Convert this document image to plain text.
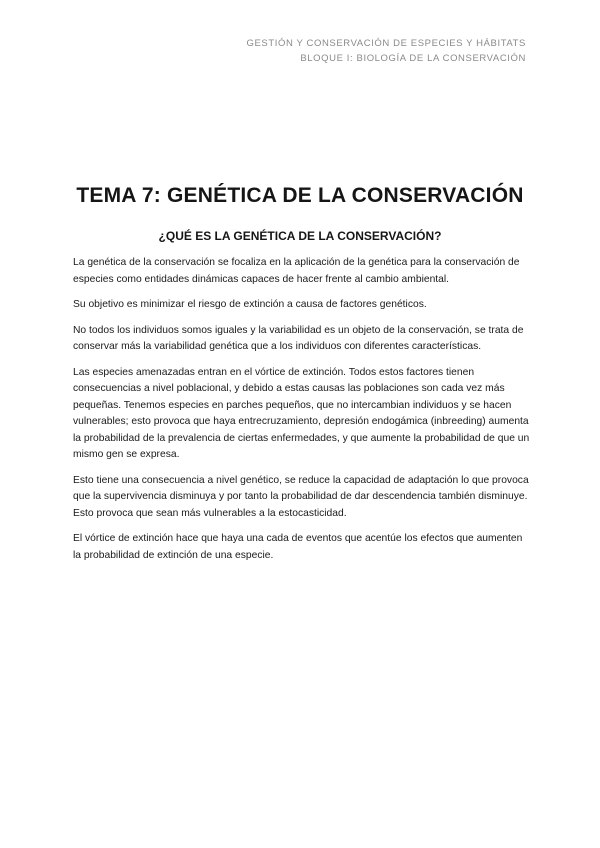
GESTIÓN Y CONSERVACIÓN DE ESPECIES Y HÁBITATS
BLOQUE I: BIOLOGÍA DE LA CONSERVACIÓN
TEMA 7: GENÉTICA DE LA CONSERVACIÓN
¿QUÉ ES LA GENÉTICA DE LA CONSERVACIÓN?

La genética de la conservación se focaliza en la aplicación de la genética para la conservación de especies como entidades dinámicas capaces de hacer frente al cambio ambiental.

Su objetivo es minimizar el riesgo de extinción a causa de factores genéticos.

No todos los individuos somos iguales y la variabilidad es un objeto de la conservación, se trata de conservar más la variabilidad genética que a los individuos con diferentes características.

Las especies amenazadas entran en el vórtice de extinción. Todos estos factores tienen consecuencias a nivel poblacional, y debido a estas causas las poblaciones son cada vez más pequeñas. Tenemos especies en parches pequeños, que no intercambian individuos y se hacen vulnerables; esto provoca que haya entrecruzamiento, depresión endogámica (inbreeding) aumenta la probabilidad de la prevalencia de ciertas enfermedades, y que aumente la probabilidad de que un mismo gen se expresa.

Esto tiene una consecuencia a nivel genético, se reduce la capacidad de adaptación lo que provoca que la supervivencia disminuya y por tanto la probabilidad de dar descendencia también disminuye. Esto provoca que sean más vulnerables a la estocasticidad.

El vórtice de extinción hace que haya una cada de eventos que acentúe los efectos que aumenten la probabilidad de extinción de una especie.
